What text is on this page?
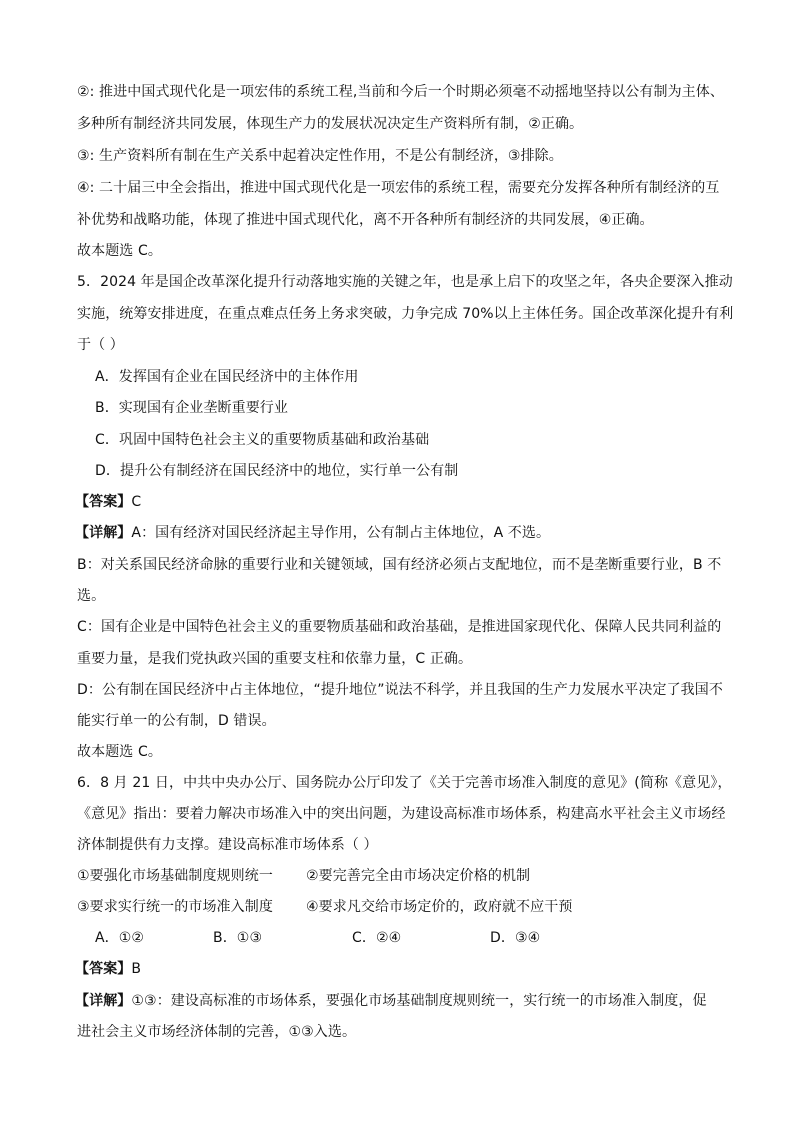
②: 推进中国式现代化是一项宏伟的系统工程,当前和今后一个时期必须毫不动摇地坚持以公有制为主体、
多种所有制经济共同发展，体现生产力的发展状况决定生产资料所有制，②正确。
③: 生产资料所有制在生产关系中起着决定性作用，不是公有制经济，③排除。
④: 二十届三中全会指出，推进中国式现代化是一项宏伟的系统工程，需要充分发挥各种所有制经济的互
补优势和战略功能，体现了推进中国式现代化，离不开各种所有制经济的共同发展，④正确。
故本题选 C。
5．2024 年是国企改革深化提升行动落地实施的关键之年，也是承上启下的攻坚之年，各央企要深入推动
实施，统筹安排进度，在重点难点任务上务求突破，力争完成 70%以上主体任务。国企改革深化提升有利
于（ ）
A．发挥国有企业在国民经济中的主体作用
B．实现国有企业垄断重要行业
C．巩固中国特色社会主义的重要物质基础和政治基础
D．提升公有制经济在国民经济中的地位，实行单一公有制
【答案】C
【详解】A：国有经济对国民经济起主导作用，公有制占主体地位，A 不选。
B：对关系国民经济命脉的重要行业和关键领域，国有经济必须占支配地位，而不是垄断重要行业，B 不
选。
C：国有企业是中国特色社会主义的重要物质基础和政治基础，是推进国家现代化、保障人民共同利益的
重要力量，是我们党执政兴国的重要支柱和依靠力量，C 正确。
D：公有制在国民经济中占主体地位，“提升地位”说法不科学，并且我国的生产力发展水平决定了我国不
能实行单一的公有制，D 错误。
故本题选 C。
6．8 月 21 日，中共中央办公厅、国务院办公厅印发了《关于完善市场准入制度的意见》(简称《意见》，
《意见》指出：要着力解决市场准入中的突出问题，为建设高标准市场体系，构建高水平社会主义市场经
济体制提供有力支撑。建设高标准市场体系（ ）
①要强化市场基础制度规则统一 ②要完善完全由市场决定价格的机制
③要求实行统一的市场准入制度 ④要求凡交给市场定价的，政府就不应干预
A．①②	B．①③	C．②④	D．③④
【答案】B
【详解】①③：建设高标准的市场体系，要强化市场基础制度规则统一，实行统一的市场准入制度，促
进社会主义市场经济体制的完善，①③入选。
